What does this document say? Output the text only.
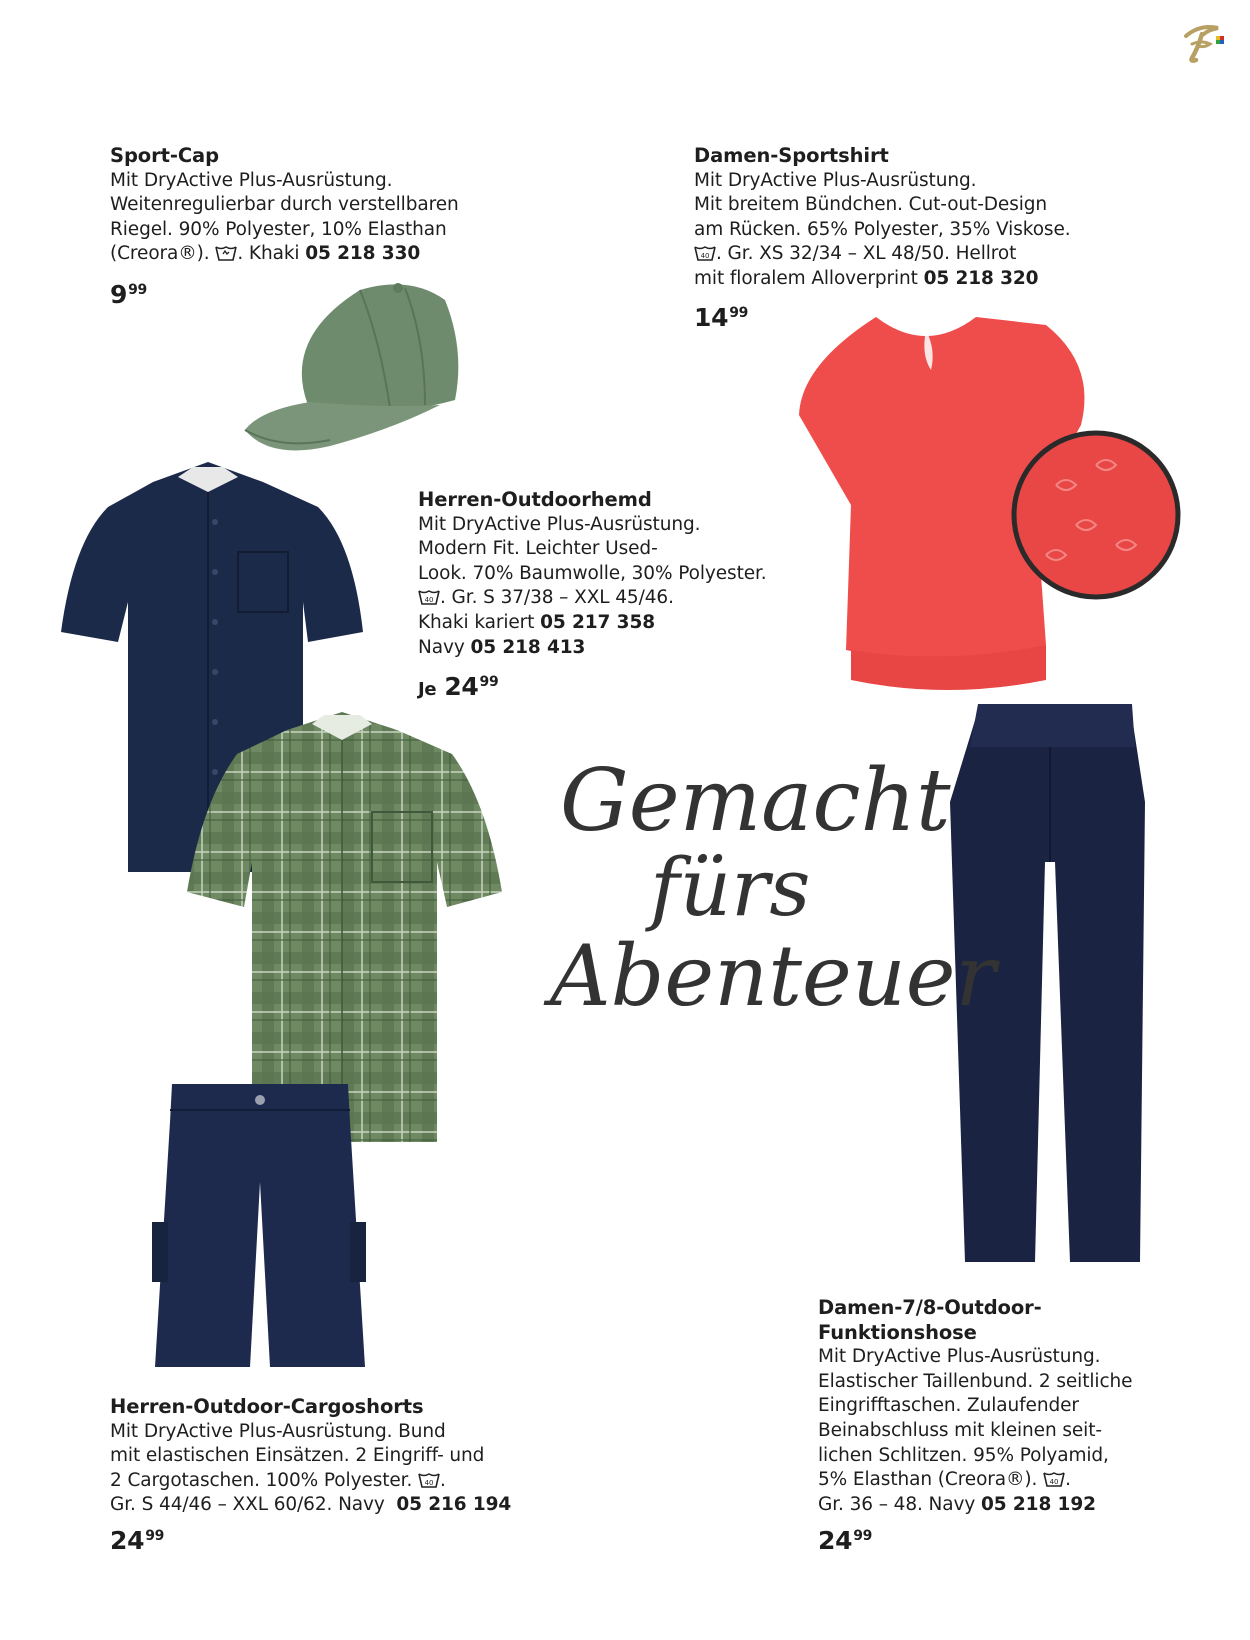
Sport-Cap
Mit DryActive Plus-Ausrüstung.
Weitenregulierbar durch verstellbaren
Riegel. 90% Polyester, 10% Elasthan
(Creora®). . Khaki 05 218 330
$9^{99}$
Damen-Sportshirt
Mit DryActive Plus-Ausrüstung.
Mit breitem Bündchen. Cut-out-Design
am Rücken. 65% Polyester, 35% Viskose.
40 . Gr. XS 32/34 – XL 48/50. Hellrot
mit floralem Alloverprint 05 218 320
$14^{99}$
Herren-Outdoorhemd
Mit DryActive Plus-Ausrüstung.
Modern Fit. Leichter Used-
Look. 70% Baumwolle, 30% Polyester.
40 . Gr. S 37/38 – XXL 45/46.
Khaki kariert 05 217 358
Navy 05 218 413
Je $24^{99}$
Gemacht
fürs
Abenteuer
Herren-Outdoor-Cargoshorts
Mit DryActive Plus-Ausrüstung. Bund
mit elastischen Einsätzen. 2 Eingriff- und
2 Cargotaschen. 100% Polyester. 40 .
Gr. S 44/46 – XXL 60/62. Navy 05 216 194
$24^{99}$
Damen-7/8-Outdoor-
Funktionshose
Mit DryActive Plus-Ausrüstung.
Elastischer Taillenbund. 2 seitliche
Eingrifftaschen. Zulaufender
Beinabschluss mit kleinen seit-
lichen Schlitzen. 95% Polyamid,
5% Elasthan (Creora®). 40 .
Gr. 36 – 48. Navy 05 218 192
$24^{99}$
